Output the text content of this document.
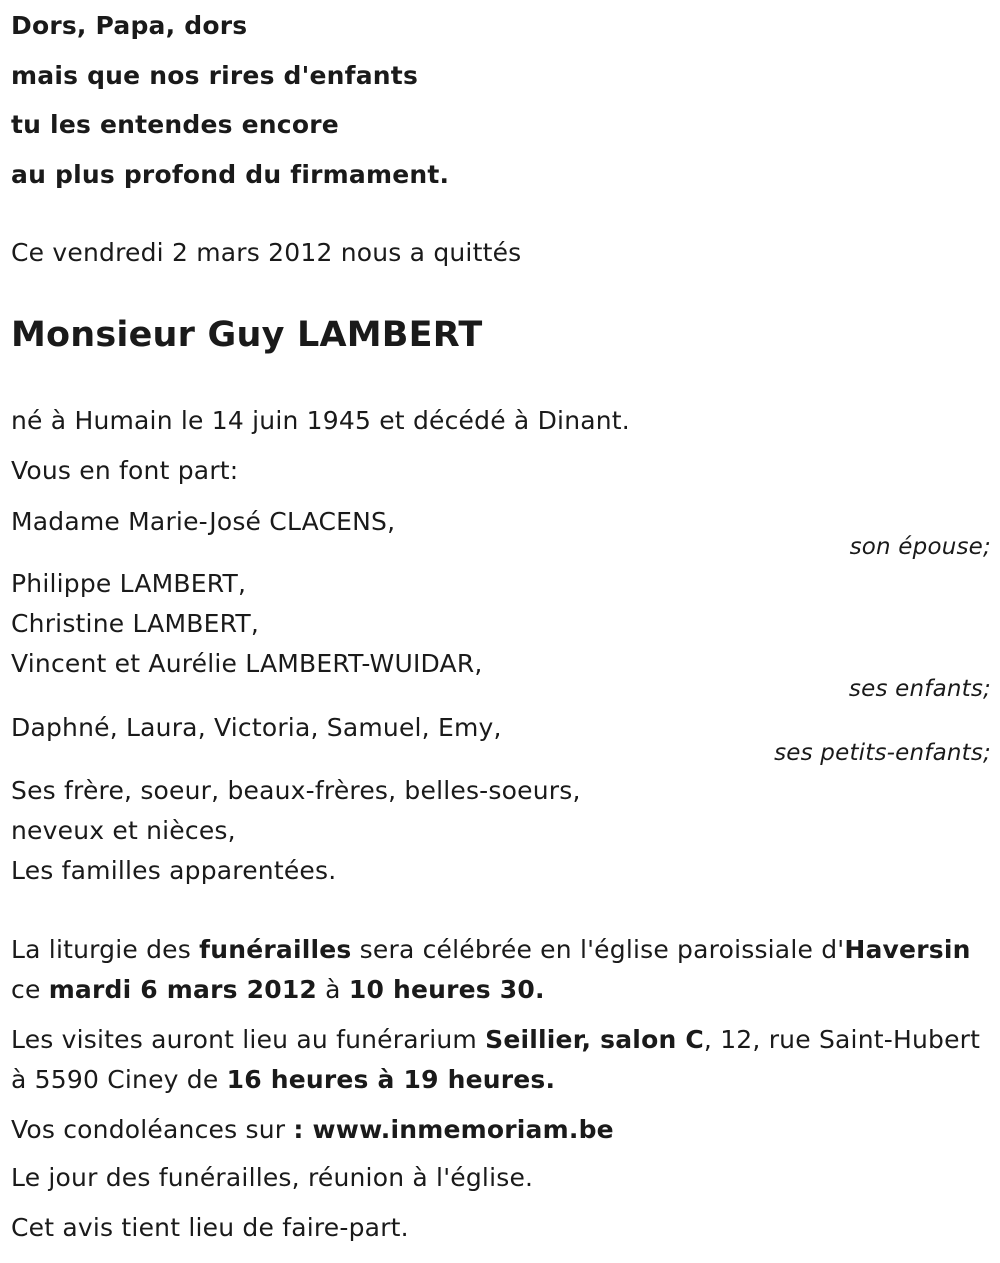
Dors, Papa, dors
mais que nos rires d'enfants
tu les entendes encore
au plus profond du firmament.
Ce vendredi 2 mars 2012 nous a quittés
Monsieur Guy LAMBERT
né à Humain le 14 juin 1945 et décédé à Dinant.
Vous en font part:
Madame Marie-José CLACENS,
son épouse;
Philippe LAMBERT,
Christine LAMBERT,
Vincent et Aurélie LAMBERT-WUIDAR,
ses enfants;
Daphné, Laura, Victoria, Samuel, Emy,
ses petits-enfants;
Ses frère, soeur, beaux-frères, belles-soeurs,
neveux et nièces,
Les familles apparentées.
La liturgie des funérailles sera célébrée en l'église paroissiale d'Haversin ce mardi 6 mars 2012 à 10 heures 30.
Les visites auront lieu au funérarium Seillier, salon C, 12, rue Saint-Hubert à 5590 Ciney de 16 heures à 19 heures.
Vos condoléances sur : www.inmemoriam.be
Le jour des funérailles, réunion à l'église.
Cet avis tient lieu de faire-part.
